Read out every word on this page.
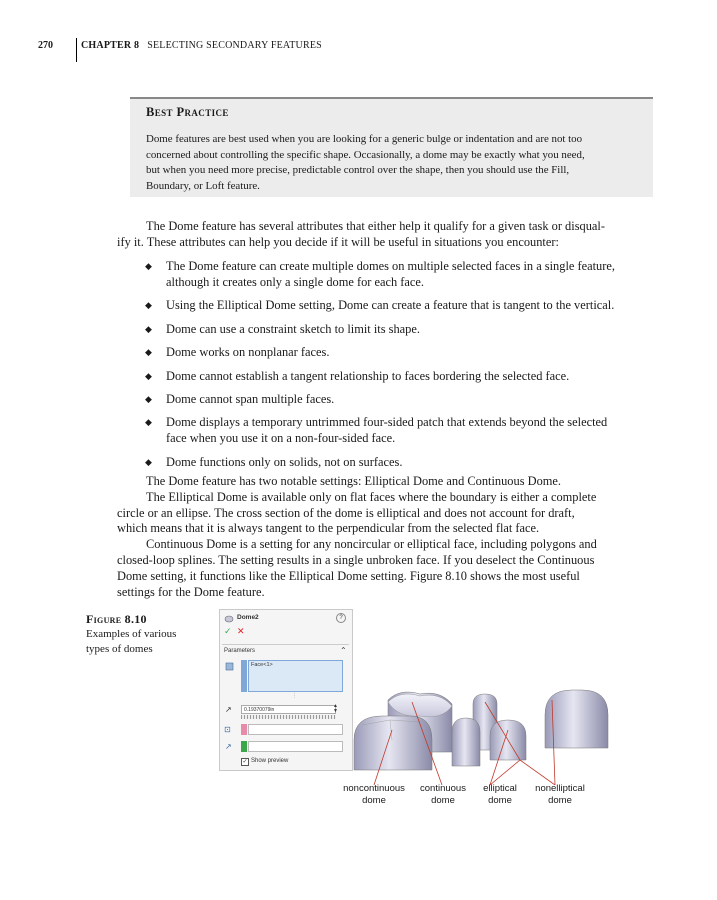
270	CHAPTER 8 SELECTING SECONDARY FEATURES
Best Practice
Dome features are best used when you are looking for a generic bulge or indentation and are not too
concerned about controlling the specific shape. Occasionally, a dome may be exactly what you need,
but when you need more precise, predictable control over the shape, then you should use the Fill,
Boundary, or Loft feature.
The Dome feature has several attributes that either help it qualify for a given task or disqual-
ify it. These attributes can help you decide if it will be useful in situations you encounter:
◆ The Dome feature can create multiple domes on multiple selected faces in a single feature,
although it creates only a single dome for each face.
◆ Using the Elliptical Dome setting, Dome can create a feature that is tangent to the vertical.
◆ Dome can use a constraint sketch to limit its shape.
◆ Dome works on nonplanar faces.
◆ Dome cannot establish a tangent relationship to faces bordering the selected face.
◆ Dome cannot span multiple faces.
◆ Dome displays a temporary untrimmed four-sided patch that extends beyond the selected
face when you use it on a non-four-sided face.
◆ Dome functions only on solids, not on surfaces.

The Dome feature has two notable settings: Elliptical Dome and Continuous Dome.

The Elliptical Dome is available only on flat faces where the boundary is either a complete
circle or an ellipse. The cross section of the dome is elliptical and does not account for draft,
which means that it is always tangent to the perpendicular from the selected flat face.

Continuous Dome is a setting for any noncircular or elliptical face, including polygons and
closed-loop splines. The setting results in a single unbroken face. If you deselect the Continuous
Dome setting, it functions like the Elliptical Dome setting. Figure 8.10 shows the most useful
settings for the Dome feature.

Figure 8.10
Examples of various
types of domes
Dome2	?
✓ ✕
Parameters	⌃
Face<1>
⋮
↗ 0.19370079in
▲
▼
⊡
↗
✓ Show preview
noncontinuous
dome
continuous
dome
elliptical
dome
nonelliptical
dome
